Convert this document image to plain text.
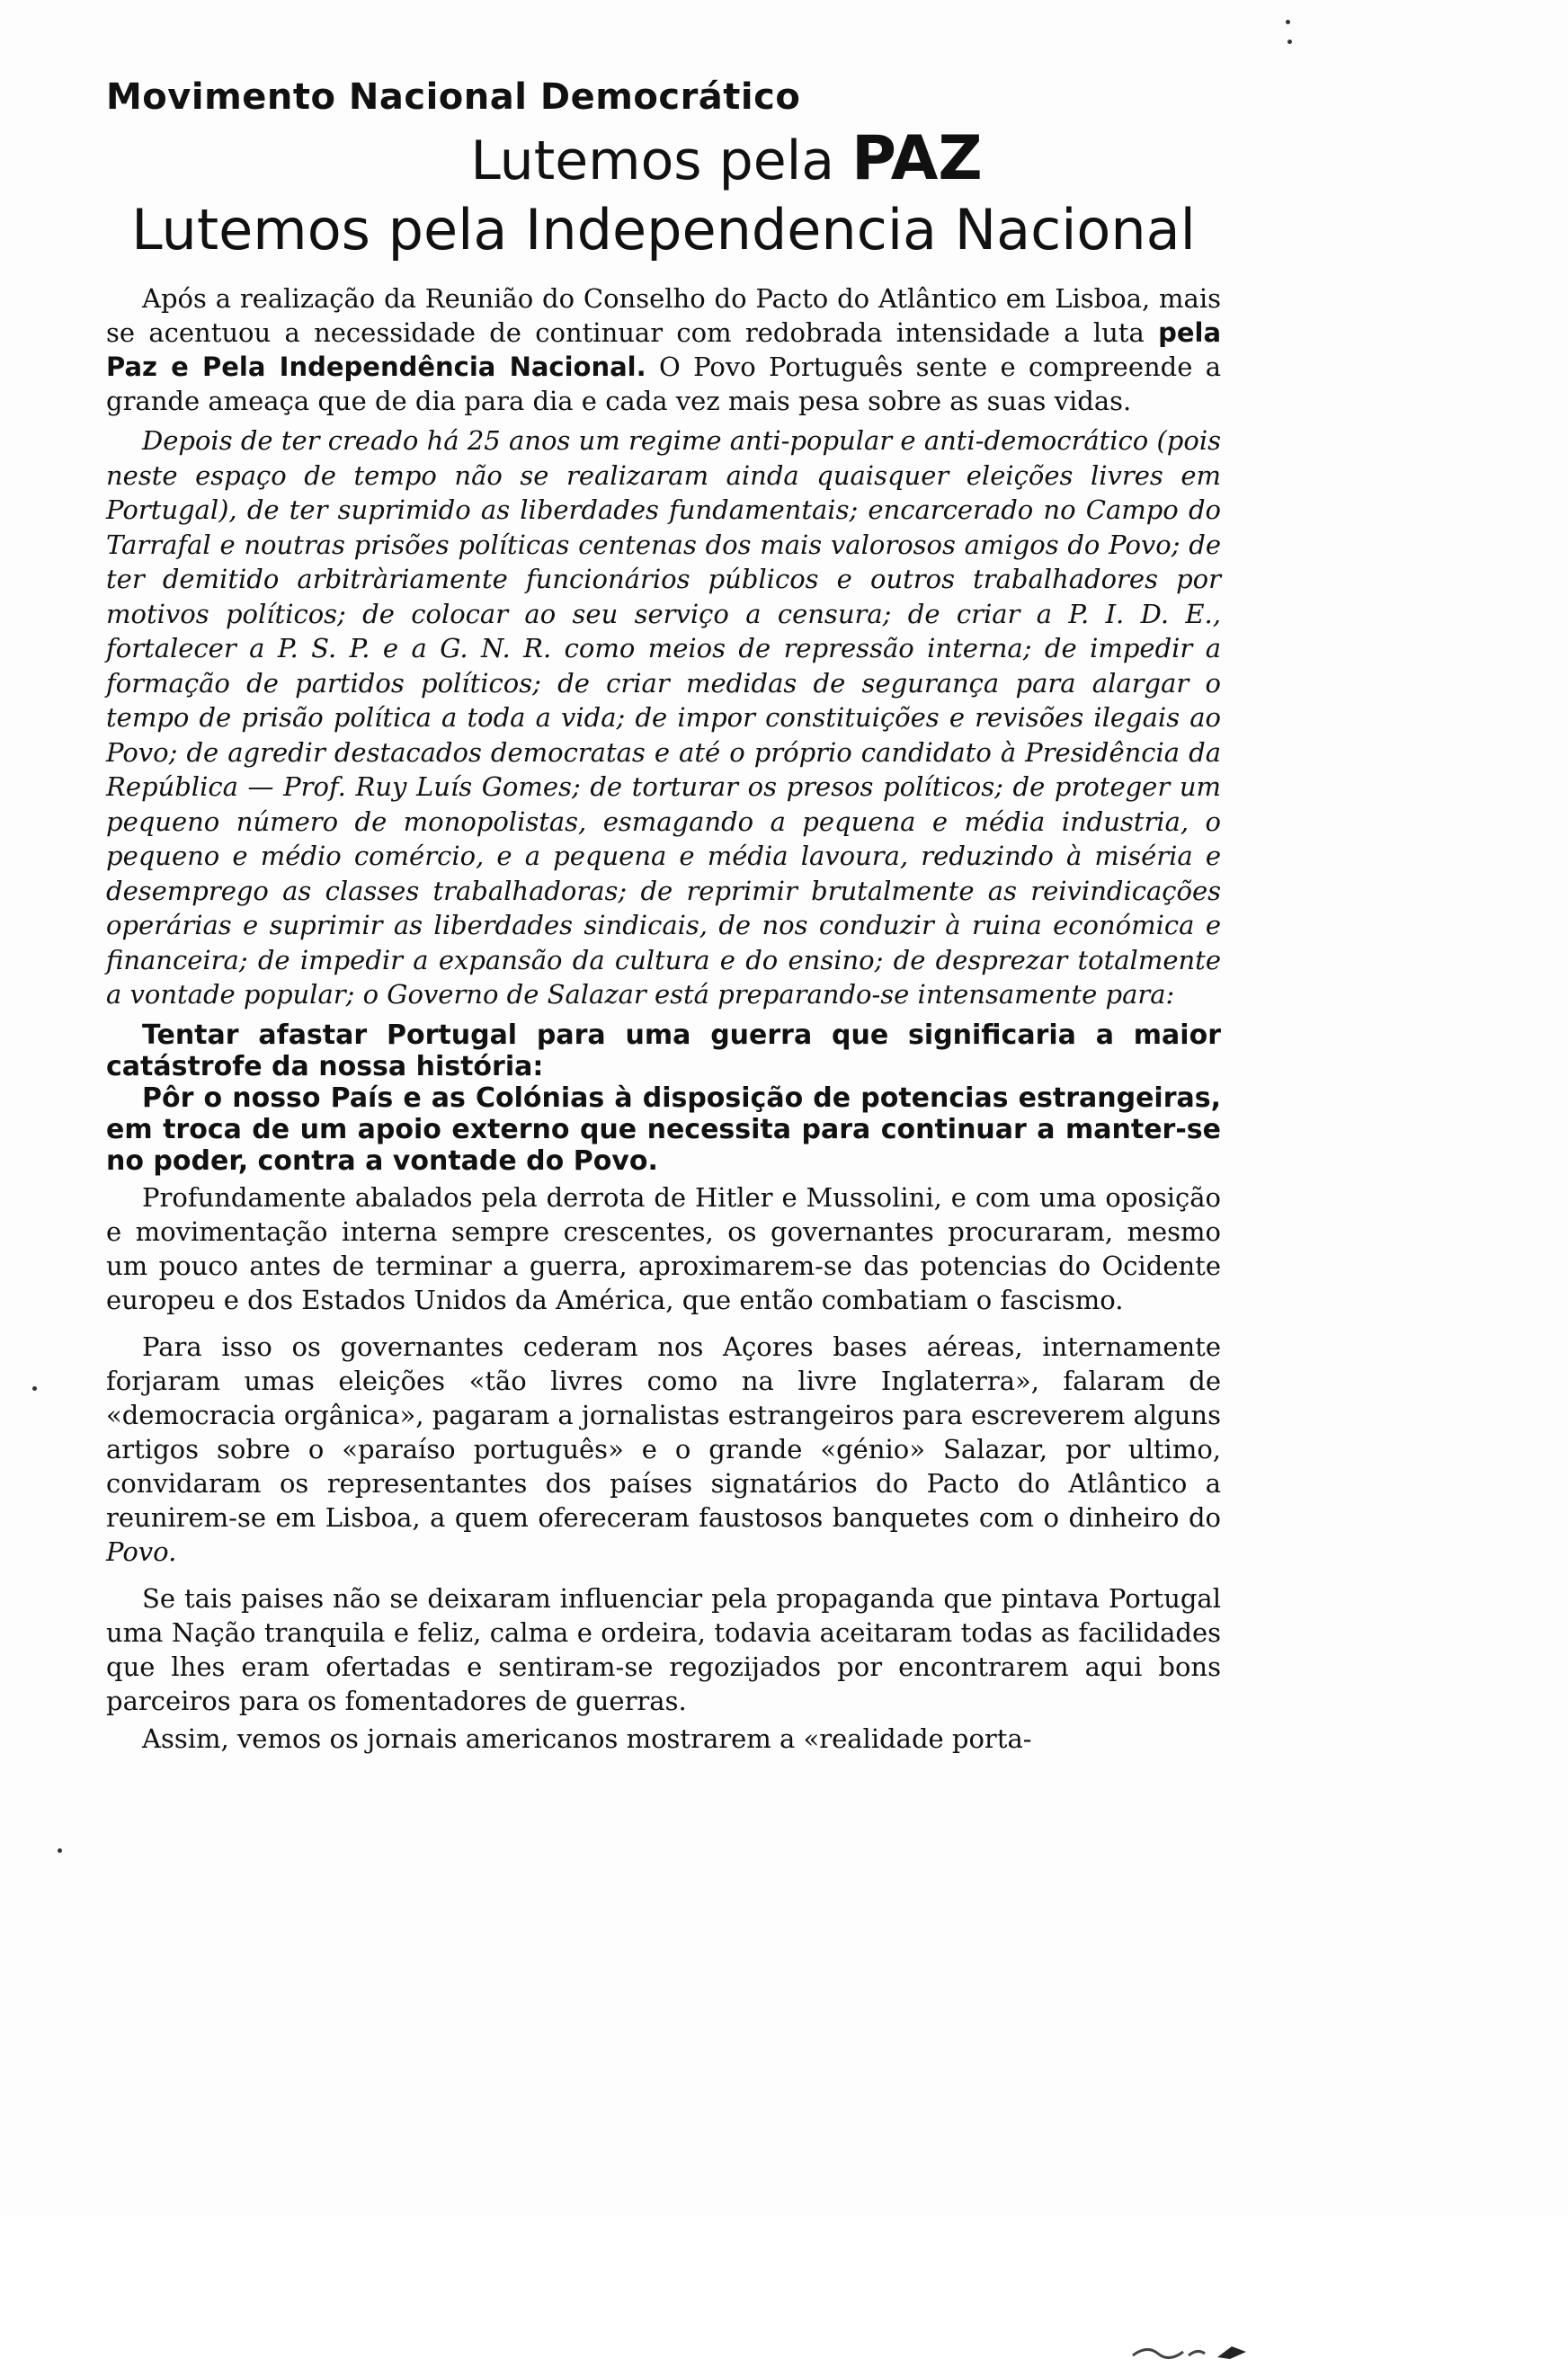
Movimento Nacional Democrático
Lutemos pela PAZ
Lutemos pela Independencia Nacional

Após a realização da Reunião do Conselho do Pacto do Atlântico em Lisboa, mais se acentuou a necessidade de continuar com redobrada intensidade a luta pela Paz e Pela Independência Nacional. O Povo Português sente e compreende a grande ameaça que de dia para dia e cada vez mais pesa sobre as suas vidas.

Depois de ter creado há 25 anos um regime anti-popular e anti-democrático (pois neste espaço de tempo não se realizaram ainda quaisquer eleições livres em Portugal), de ter suprimido as liberdades fundamentais; encarcerado no Campo do Tarrafal e noutras prisões políticas centenas dos mais valorosos amigos do Povo; de ter demitido arbitràriamente funcionários públicos e outros trabalhadores por motivos políticos; de colocar ao seu serviço a censura; de criar a P. I. D. E., fortalecer a P. S. P. e a G. N. R. como meios de repressão interna; de impedir a formação de partidos políticos; de criar medidas de segurança para alargar o tempo de prisão política a toda a vida; de impor constituições e revisões ilegais ao Povo; de agredir destacados democratas e até o próprio candidato à Presidência da República — Prof. Ruy Luís Gomes; de torturar os presos políticos; de proteger um pequeno número de monopolistas, esmagando a pequena e média industria, o pequeno e médio comércio, e a pequena e média lavoura, reduzindo à miséria e desemprego as classes trabalhadoras; de reprimir brutalmente as reivindicações operárias e suprimir as liberdades sindicais, de nos conduzir à ruina económica e financeira; de impedir a expansão da cultura e do ensino; de desprezar totalmente a vontade popular; o Governo de Salazar está preparando-se intensamente para:

Tentar afastar Portugal para uma guerra que significaria a maior catástrofe da nossa história:

Pôr o nosso País e as Colónias à disposição de potencias estrangeiras, em troca de um apoio externo que necessita para continuar a manter-se no poder, contra a vontade do Povo.

Profundamente abalados pela derrota de Hitler e Mussolini, e com uma oposição e movimentação interna sempre crescentes, os governantes procuraram, mesmo um pouco antes de terminar a guerra, aproximarem-se das potencias do Ocidente europeu e dos Estados Unidos da América, que então combatiam o fascismo.

Para isso os governantes cederam nos Açores bases aéreas, internamente forjaram umas eleições «tão livres como na livre Inglaterra», falaram de «democracia orgânica», pagaram a jornalistas estrangeiros para escreverem alguns artigos sobre o «paraíso português» e o grande «génio» Salazar, por ultimo, convidaram os representantes dos países signatários do Pacto do Atlântico a reunirem-se em Lisboa, a quem ofereceram faustosos banquetes com o dinheiro do Povo.

Se tais paises não se deixaram influenciar pela propaganda que pintava Portugal uma Nação tranquila e feliz, calma e ordeira, todavia aceitaram todas as facilidades que lhes eram ofertadas e sentiram-se regozijados por encontrarem aqui bons parceiros para os fomentadores de guerras.

Assim, vemos os jornais americanos mostrarem a «realidade porta-
